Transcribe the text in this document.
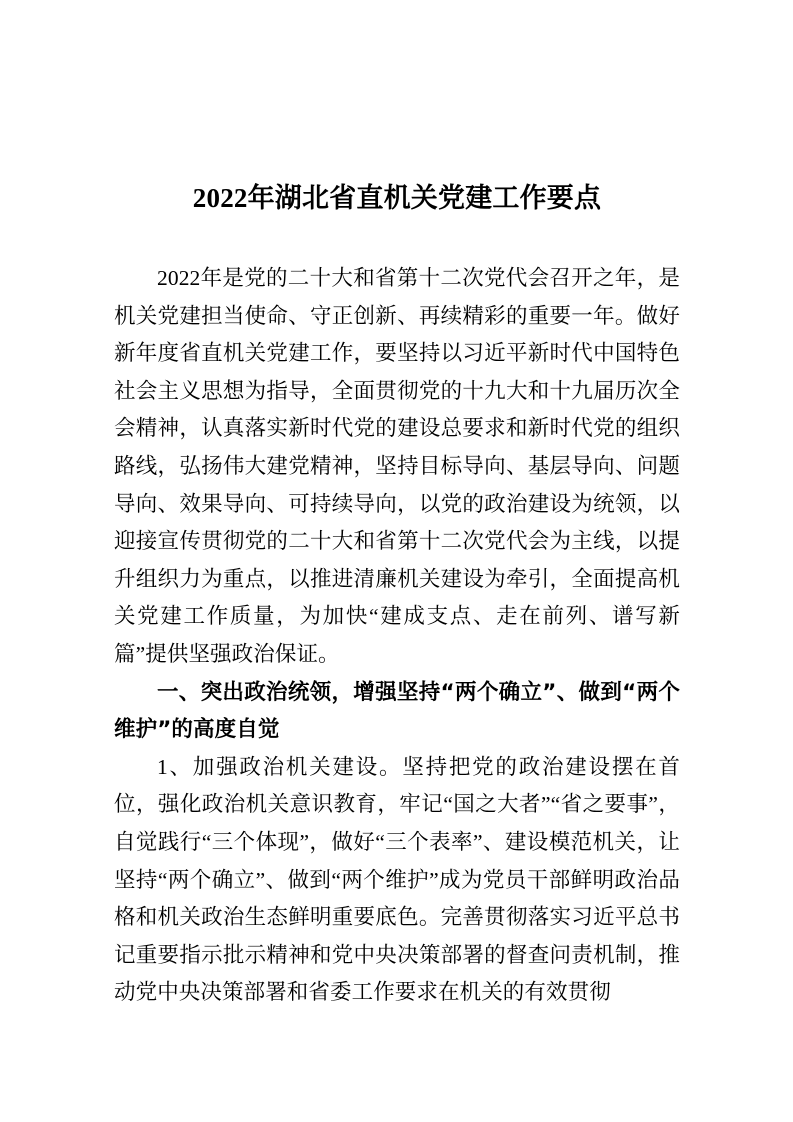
2022年湖北省直机关党建工作要点

2022年是党的二十大和省第十二次党代会召开之年，是机关党建担当使命、守正创新、再续精彩的重要一年。做好新年度省直机关党建工作，要坚持以习近平新时代中国特色社会主义思想为指导，全面贯彻党的十九大和十九届历次全会精神，认真落实新时代党的建设总要求和新时代党的组织路线，弘扬伟大建党精神，坚持目标导向、基层导向、问题导向、效果导向、可持续导向，以党的政治建设为统领，以迎接宣传贯彻党的二十大和省第十二次党代会为主线，以提升组织力为重点，以推进清廉机关建设为牵引，全面提高机关党建工作质量，为加快“建成支点、走在前列、谱写新篇”提供坚强政治保证。

一、突出政治统领，增强坚持“两个确立”、做到“两个维护”的高度自觉

1、加强政治机关建设。坚持把党的政治建设摆在首位，强化政治机关意识教育，牢记“国之大者”“省之要事”，自觉践行“三个体现”，做好“三个表率”、建设模范机关，让坚持“两个确立”、做到“两个维护”成为党员干部鲜明政治品格和机关政治生态鲜明重要底色。完善贯彻落实习近平总书记重要指示批示精神和党中央决策部署的督查问责机制，推动党中央决策部署和省委工作要求在机关的有效贯彻
